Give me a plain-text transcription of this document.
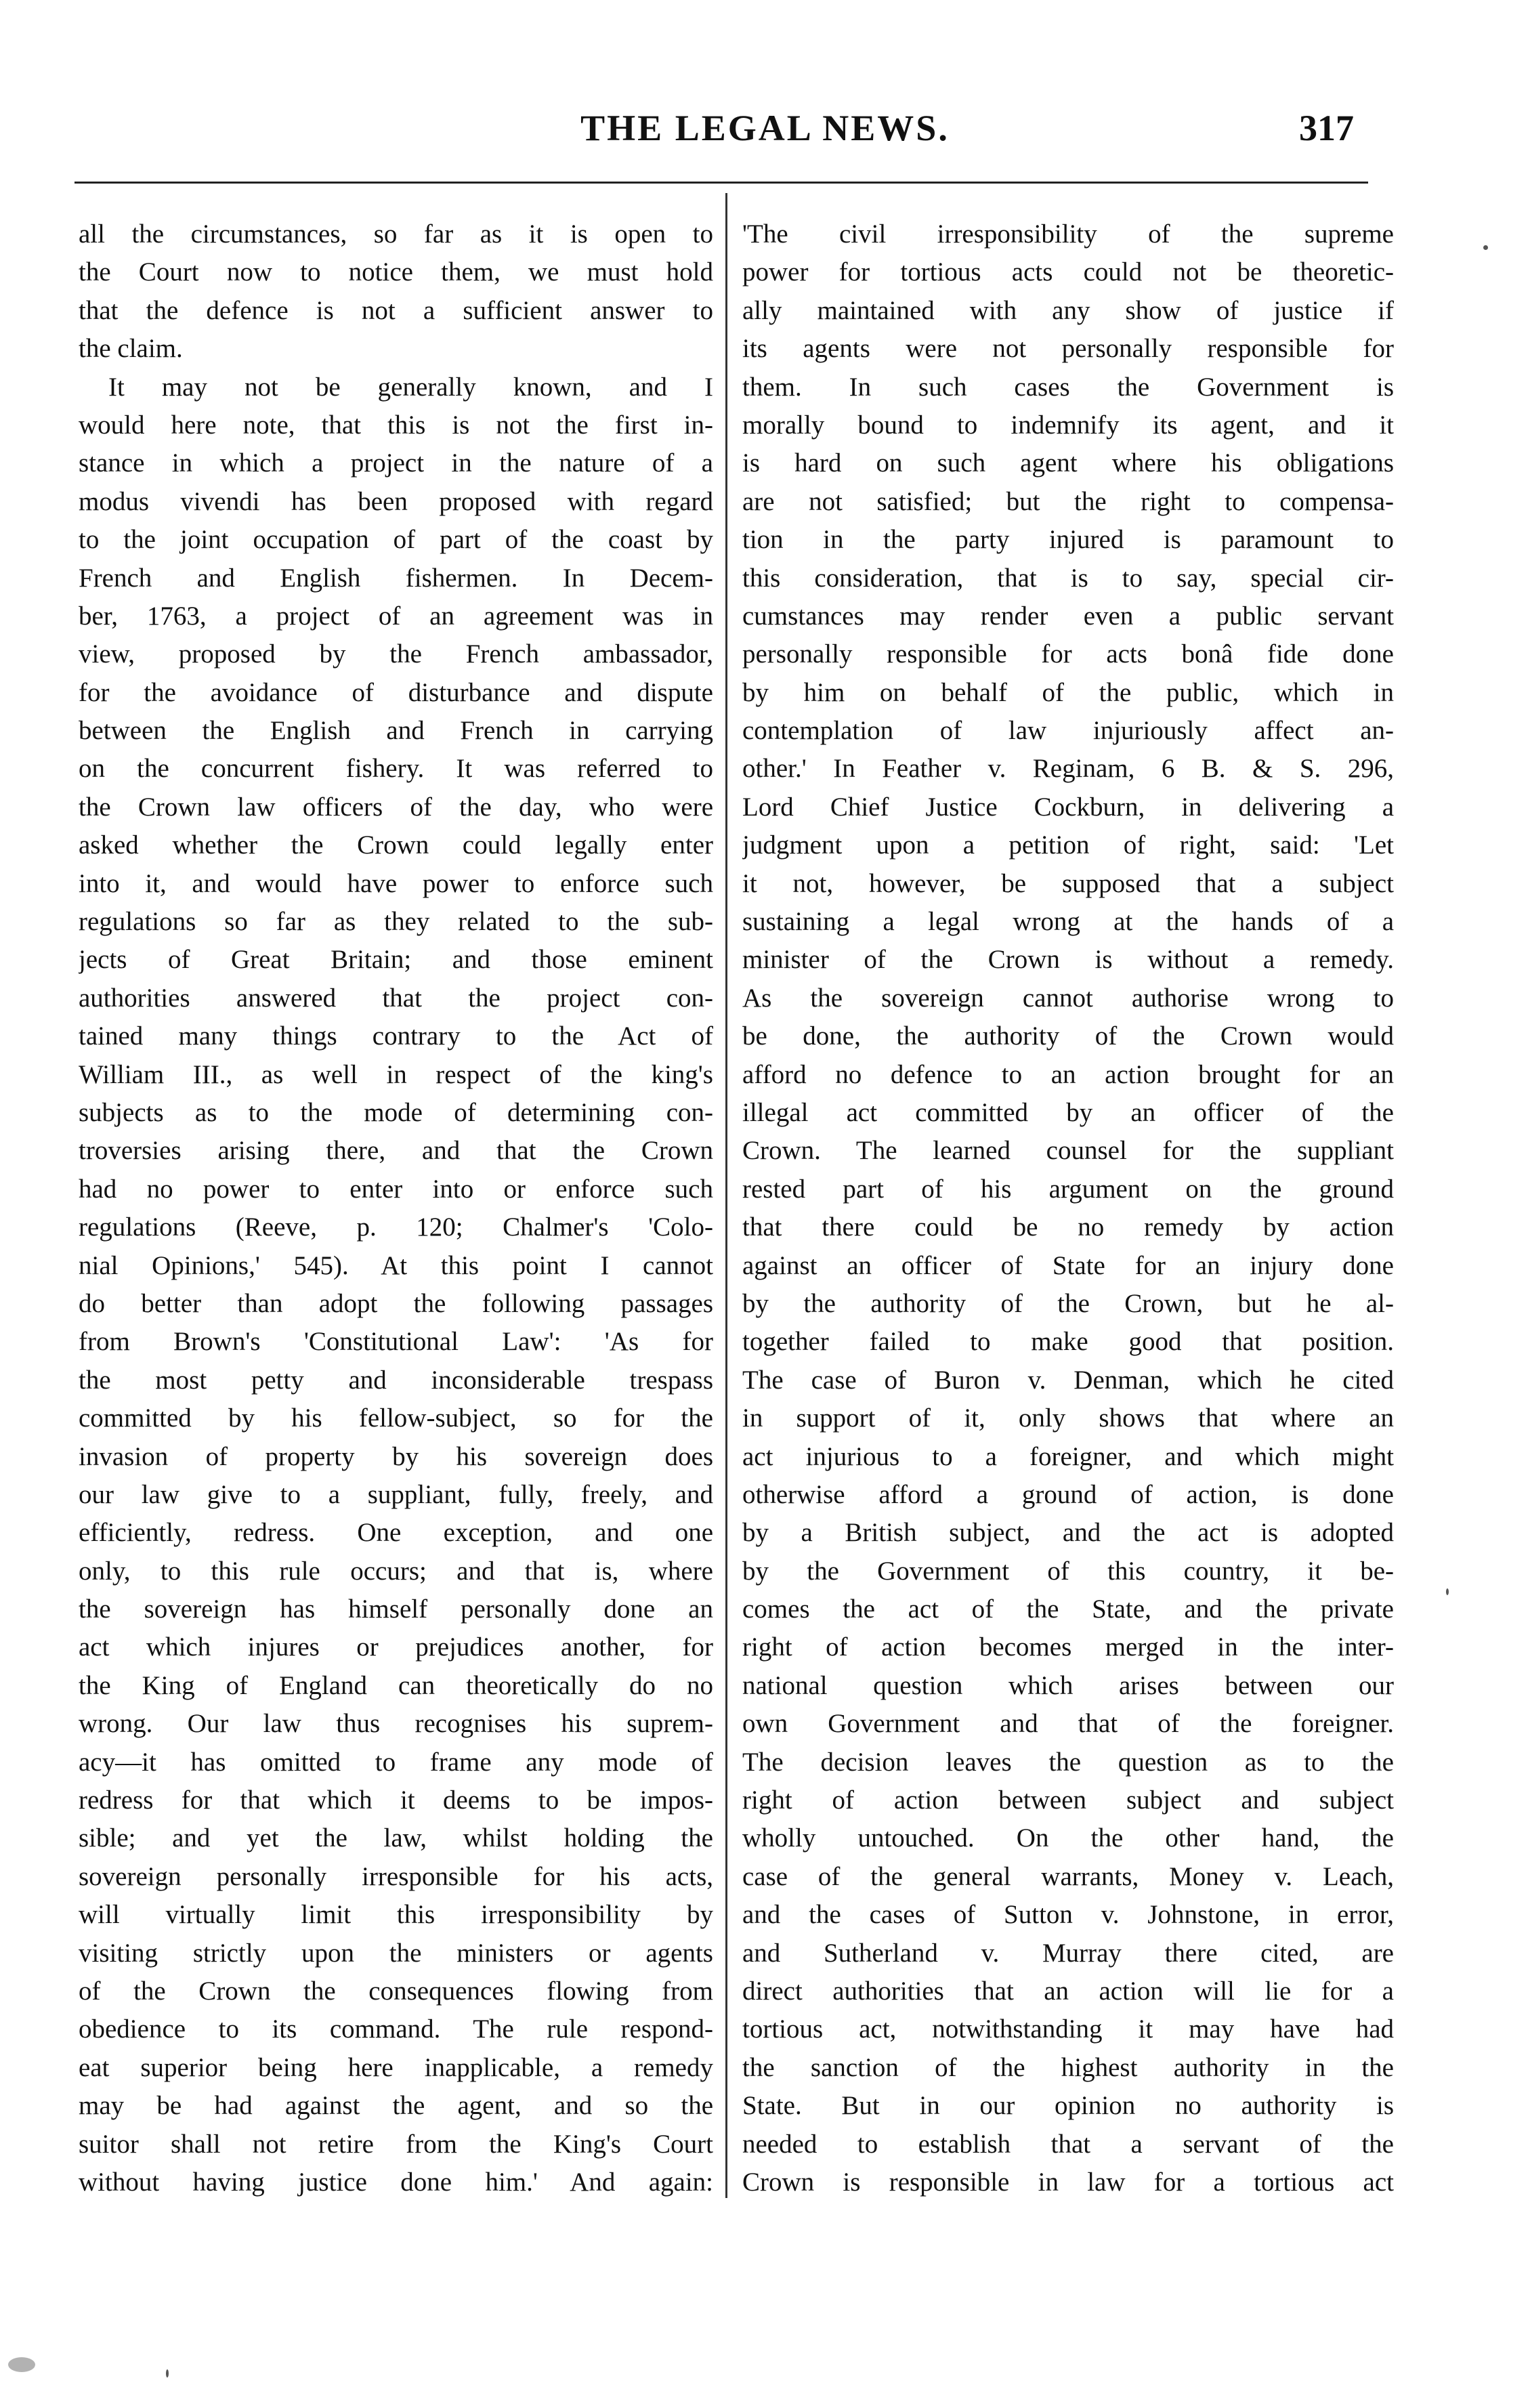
THE LEGAL NEWS.	317
all the circumstances, so far as it is open to
the Court now to notice them, we must hold
that the defence is not a sufficient answer to
the claim.
It may not be generally known, and I
would here note, that this is not the first in-
stance in which a project in the nature of a
modus vivendi has been proposed with regard
to the joint occupation of part of the coast by
French and English fishermen. In Decem-
ber, 1763, a project of an agreement was in
view, proposed by the French ambassador,
for the avoidance of disturbance and dispute
between the English and French in carrying
on the concurrent fishery. It was referred to
the Crown law officers of the day, who were
asked whether the Crown could legally enter
into it, and would have power to enforce such
regulations so far as they related to the sub-
jects of Great Britain; and those eminent
authorities answered that the project con-
tained many things contrary to the Act of
William III., as well in respect of the king's
subjects as to the mode of determining con-
troversies arising there, and that the Crown
had no power to enter into or enforce such
regulations (Reeve, p. 120; Chalmer's 'Colo-
nial Opinions,' 545). At this point I cannot
do better than adopt the following passages
from Brown's 'Constitutional Law': 'As for
the most petty and inconsiderable trespass
committed by his fellow-subject, so for the
invasion of property by his sovereign does
our law give to a suppliant, fully, freely, and
efficiently, redress. One exception, and one
only, to this rule occurs; and that is, where
the sovereign has himself personally done an
act which injures or prejudices another, for
the King of England can theoretically do no
wrong. Our law thus recognises his suprem-
acy—it has omitted to frame any mode of
redress for that which it deems to be impos-
sible; and yet the law, whilst holding the
sovereign personally irresponsible for his acts,
will virtually limit this irresponsibility by
visiting strictly upon the ministers or agents
of the Crown the consequences flowing from
obedience to its command. The rule respond-
eat superior being here inapplicable, a remedy
may be had against the agent, and so the
suitor shall not retire from the King's Court
without having justice done him.' And again:
'The civil irresponsibility of the supreme
power for tortious acts could not be theoretic-
ally maintained with any show of justice if
its agents were not personally responsible for
them. In such cases the Government is
morally bound to indemnify its agent, and it
is hard on such agent where his obligations
are not satisfied; but the right to compensa-
tion in the party injured is paramount to
this consideration, that is to say, special cir-
cumstances may render even a public servant
personally responsible for acts bonâ fide done
by him on behalf of the public, which in
contemplation of law injuriously affect an-
other.' In Feather v. Reginam, 6 B. & S. 296,
Lord Chief Justice Cockburn, in delivering a
judgment upon a petition of right, said: 'Let
it not, however, be supposed that a subject
sustaining a legal wrong at the hands of a
minister of the Crown is without a remedy.
As the sovereign cannot authorise wrong to
be done, the authority of the Crown would
afford no defence to an action brought for an
illegal act committed by an officer of the
Crown. The learned counsel for the suppliant
rested part of his argument on the ground
that there could be no remedy by action
against an officer of State for an injury done
by the authority of the Crown, but he al-
together failed to make good that position.
The case of Buron v. Denman, which he cited
in support of it, only shows that where an
act injurious to a foreigner, and which might
otherwise afford a ground of action, is done
by a British subject, and the act is adopted
by the Government of this country, it be-
comes the act of the State, and the private
right of action becomes merged in the inter-
national question which arises between our
own Government and that of the foreigner.
The decision leaves the question as to the
right of action between subject and subject
wholly untouched. On the other hand, the
case of the general warrants, Money v. Leach,
and the cases of Sutton v. Johnstone, in error,
and Sutherland v. Murray there cited, are
direct authorities that an action will lie for a
tortious act, notwithstanding it may have had
the sanction of the highest authority in the
State. But in our opinion no authority is
needed to establish that a servant of the
Crown is responsible in law for a tortious act
